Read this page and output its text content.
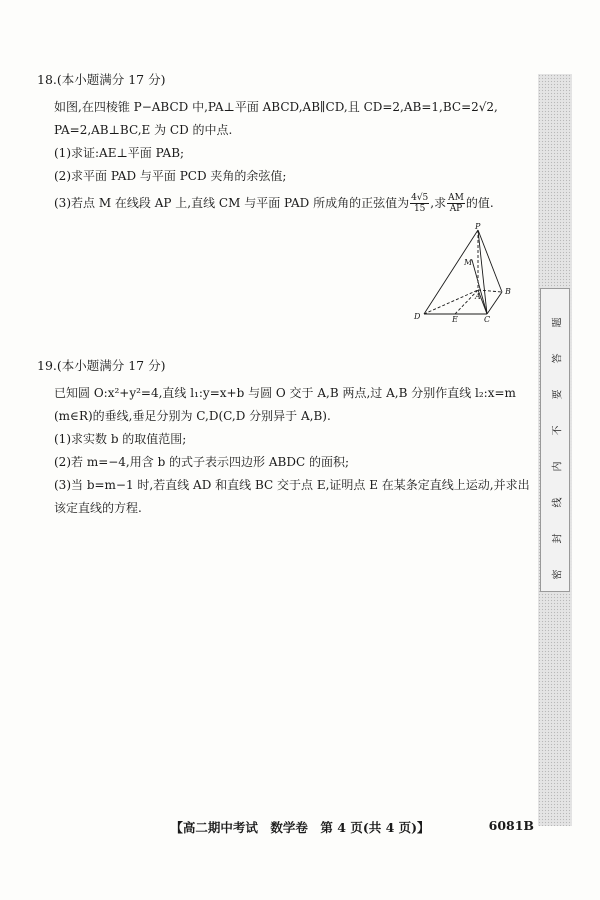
18.(本小题满分 17 分)
如图,在四棱锥 P−ABCD 中,PA⊥平面 ABCD,AB∥CD,且 CD=2,AB=1,BC=2√2,
PA=2,AB⊥BC,E 为 CD 的中点.
(1)求证:AE⊥平面 PAB;
(2)求平面 PAD 与平面 PCD 夹角的余弦值;
(3)若点 M 在线段 AP 上,直线 CM 与平面 PAD 所成角的正弦值为 $\frac{4√5}{15}$ ,求 $\frac{AM}{AP}$ 的值.
P
M
A
B
C
D	E
19.(本小题满分 17 分)
已知圆 O:x²+y²=4,直线 l₁:y=x+b 与圆 O 交于 A,B 两点,过 A,B 分别作直线 l₂:x=m
(m∈R)的垂线,垂足分别为 C,D(C,D 分别异于 A,B).
(1)求实数 b 的取值范围;
(2)若 m=−4,用含 b 的式子表示四边形 ABDC 的面积;
(3)当 b=m−1 时,若直线 AD 和直线 BC 交于点 E,证明点 E 在某条定直线上运动,并求出
该定直线的方程.
密
封
线
内
不
要
答
题
【高二期中考试　数学卷　第 4 页(共 4 页)】	6081B
